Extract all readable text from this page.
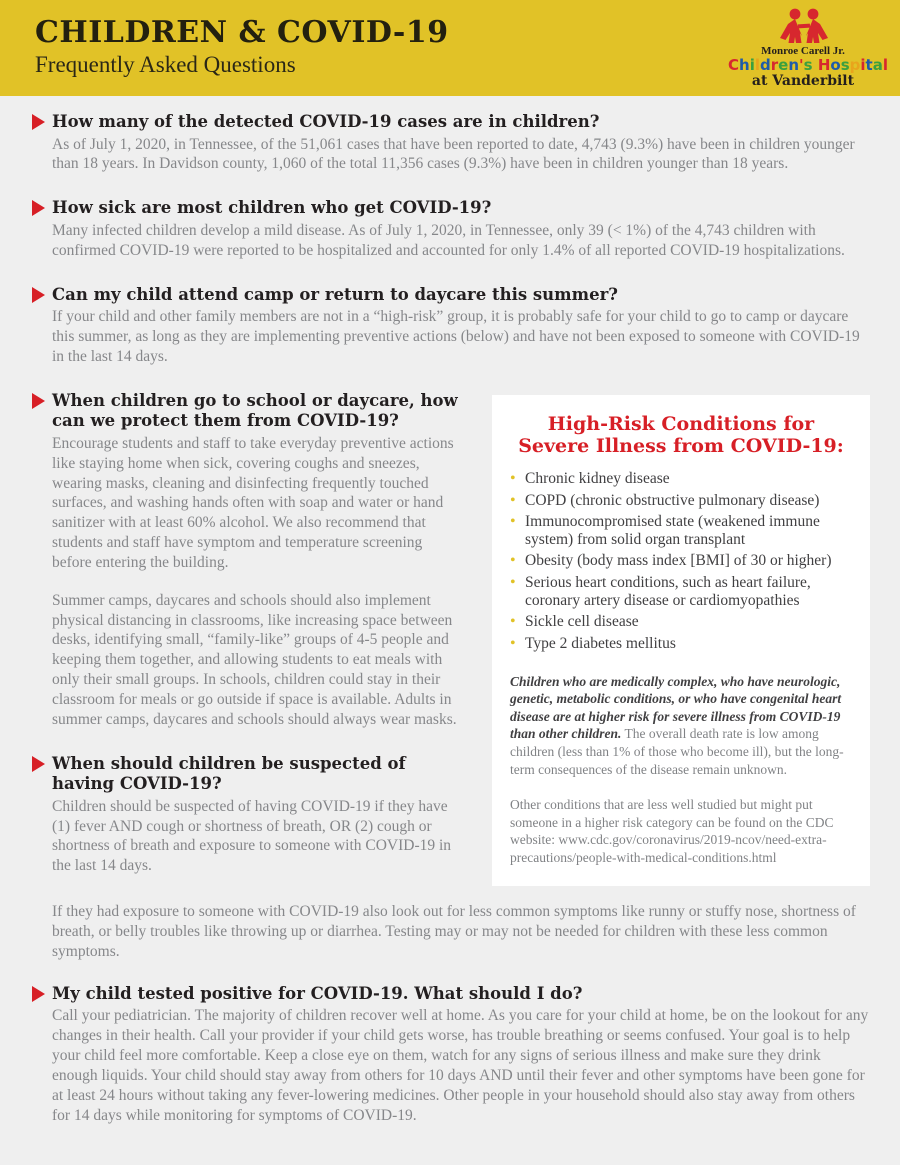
CHILDREN & COVID-19
Frequently Asked Questions
Monroe Carell Jr.
Children's Hospital
at Vanderbilt
How many of the detected COVID-19 cases are in children?

As of July 1, 2020, in Tennessee, of the 51,061 cases that have been reported to date, 4,743 (9.3%) have been in children younger than 18 years. In Davidson county, 1,060 of the total 11,356 cases (9.3%) have been in children younger than 18 years.

How sick are most children who get COVID-19?

Many infected children develop a mild disease. As of July 1, 2020, in Tennessee, only 39 (< 1%) of the 4,743 children with confirmed COVID-19 were reported to be hospitalized and accounted for only 1.4% of all reported COVID-19 hospitalizations.

Can my child attend camp or return to daycare this summer?

If your child and other family members are not in a “high-risk” group, it is probably safe for your child to go to camp or daycare this summer, as long as they are implementing preventive actions (below) and have not been exposed to someone with COVID-19 in the last 14 days.

When children go to school or daycare, how can we protect them from COVID-19?

Encourage students and staff to take everyday preventive actions like staying home when sick, covering coughs and sneezes, wearing masks, cleaning and disinfecting frequently touched surfaces, and washing hands often with soap and water or hand sanitizer with at least 60% alcohol. We also recommend that students and staff have symptom and temperature screening before entering the building.

Summer camps, daycares and schools should also implement physical distancing in classrooms, like increasing space between desks, identifying small, “family-like” groups of 4-5 people and keeping them together, and allowing students to eat meals with only their small groups. In schools, children could stay in their classroom for meals or go outside if space is available. Adults in summer camps, daycares and schools should always wear masks.

When should children be suspected of having COVID-19?

Children should be suspected of having COVID-19 if they have (1) fever AND cough or shortness of breath, OR (2) cough or shortness of breath and exposure to someone with COVID-19 in the last 14 days.

High-Risk Conditions for Severe Illness from COVID-19:
• Chronic kidney disease
• COPD (chronic obstructive pulmonary disease)
• Immunocompromised state (weakened immune system) from solid organ transplant
• Obesity (body mass index [BMI] of 30 or higher)
• Serious heart conditions, such as heart failure, coronary artery disease or cardiomyopathies
• Sickle cell disease
• Type 2 diabetes mellitus
Children who are medically complex, who have neurologic, genetic, metabolic conditions, or who have congenital heart disease are at higher risk for severe illness from COVID-19 than other children. The overall death rate is low among children (less than 1% of those who become ill), but the long-term consequences of the disease remain unknown.
Other conditions that are less well studied but might put someone in a higher risk category can be found on the CDC website: www.cdc.gov/coronavirus/2019-ncov/need-extra-precautions/people-with-medical-conditions.html
If they had exposure to someone with COVID-19 also look out for less common symptoms like runny or stuffy nose, shortness of breath, or belly troubles like throwing up or diarrhea. Testing may or may not be needed for children with these less common symptoms.
My child tested positive for COVID-19. What should I do?

Call your pediatrician. The majority of children recover well at home. As you care for your child at home, be on the lookout for any changes in their health. Call your provider if your child gets worse, has trouble breathing or seems confused. Your goal is to help your child feel more comfortable. Keep a close eye on them, watch for any signs of serious illness and make sure they drink enough liquids. Your child should stay away from others for 10 days AND until their fever and other symptoms have been gone for at least 24 hours without taking any fever-lowering medicines. Other people in your household should also stay away from others for 14 days while monitoring for symptoms of COVID-19.
